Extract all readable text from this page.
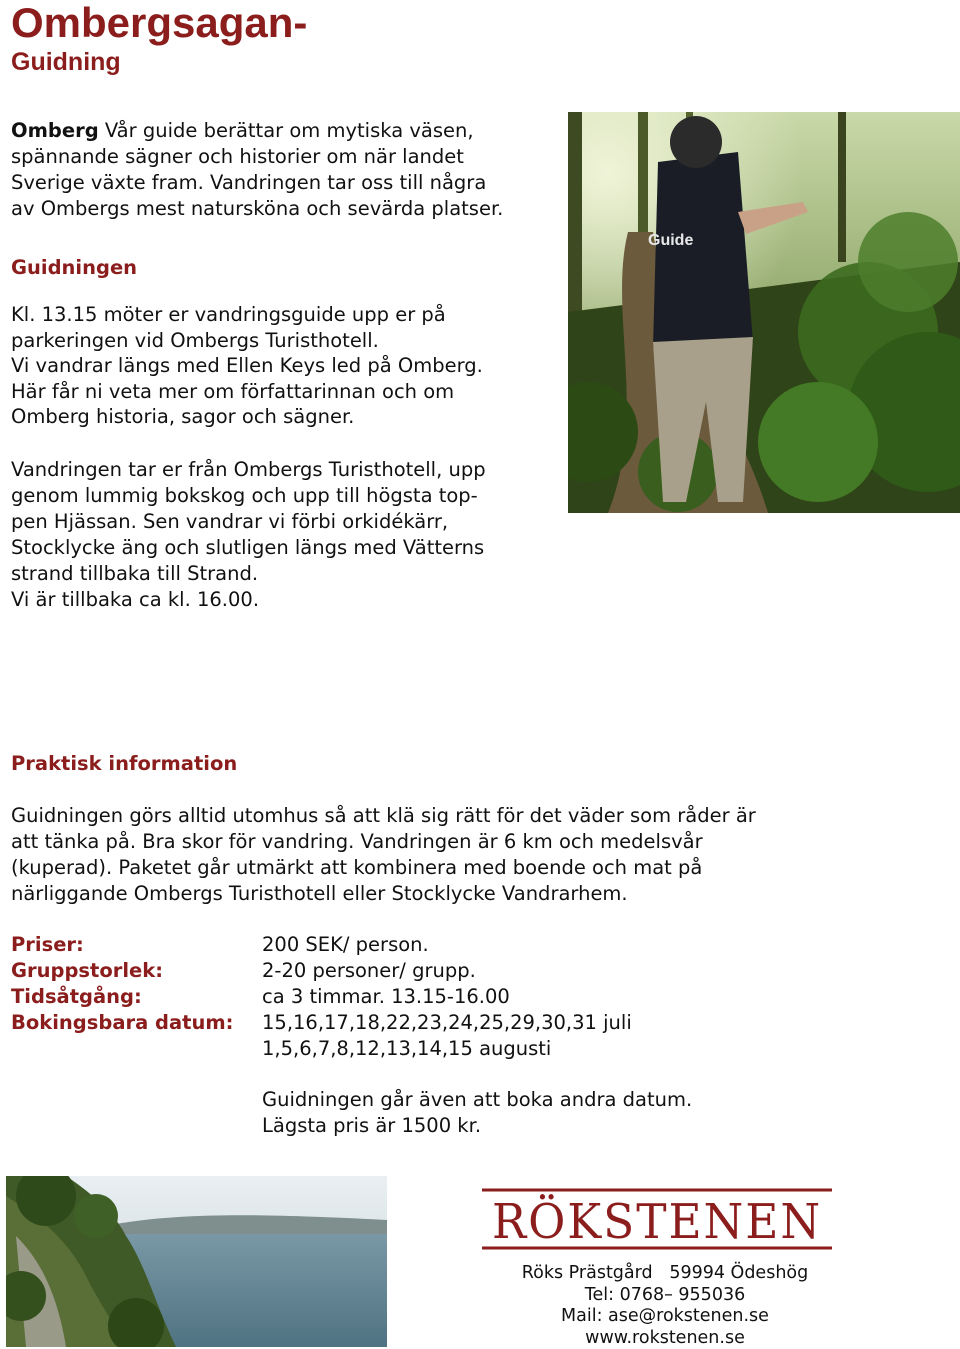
Ombergsagan-
Guidning
Omberg Vår guide berättar om mytiska väsen,
spännande sägner och historier om när landet
Sverige växte fram. Vandringen tar oss till några
av Ombergs mest natursköna och sevärda platser.
Guidningen
Kl. 13.15 möter er vandringsguide upp er på
parkeringen vid Ombergs Turisthotell.
Vi vandrar längs med Ellen Keys led på Omberg.
Här får ni veta mer om författarinnan och om
Omberg historia, sagor och sägner.
Vandringen tar er från Ombergs Turisthotell, upp
genom lummig bokskog och upp till högsta top-
pen Hjässan. Sen vandrar vi förbi orkidékärr,
Stocklycke äng och slutligen längs med Vätterns
strand tillbaka till Strand.
Vi är tillbaka ca kl. 16.00.
Guide
Praktisk information
Guidningen görs alltid utomhus så att klä sig rätt för det väder som råder är
att tänka på. Bra skor för vandring. Vandringen är 6 km och medelsvår
(kuperad). Paketet går utmärkt att kombinera med boende och mat på
närliggande Ombergs Turisthotell eller Stocklycke Vandrarhem.
Priser:	200 SEK/ person.
Gruppstorlek:	2-20 personer/ grupp.
Tidsåtgång:	ca 3 timmar. 13.15-16.00
Bokingsbara datum: 15,16,17,18,22,23,24,25,29,30,31 juli
1,5,6,7,8,12,13,14,15 augusti
Guidningen går även att boka andra datum.
Lägsta pris är 1500 kr.
RÖKSTENEN
Röks Prästgård   59994 Ödeshög
Tel: 0768– 955036
Mail: ase@rokstenen.se
www.rokstenen.se
